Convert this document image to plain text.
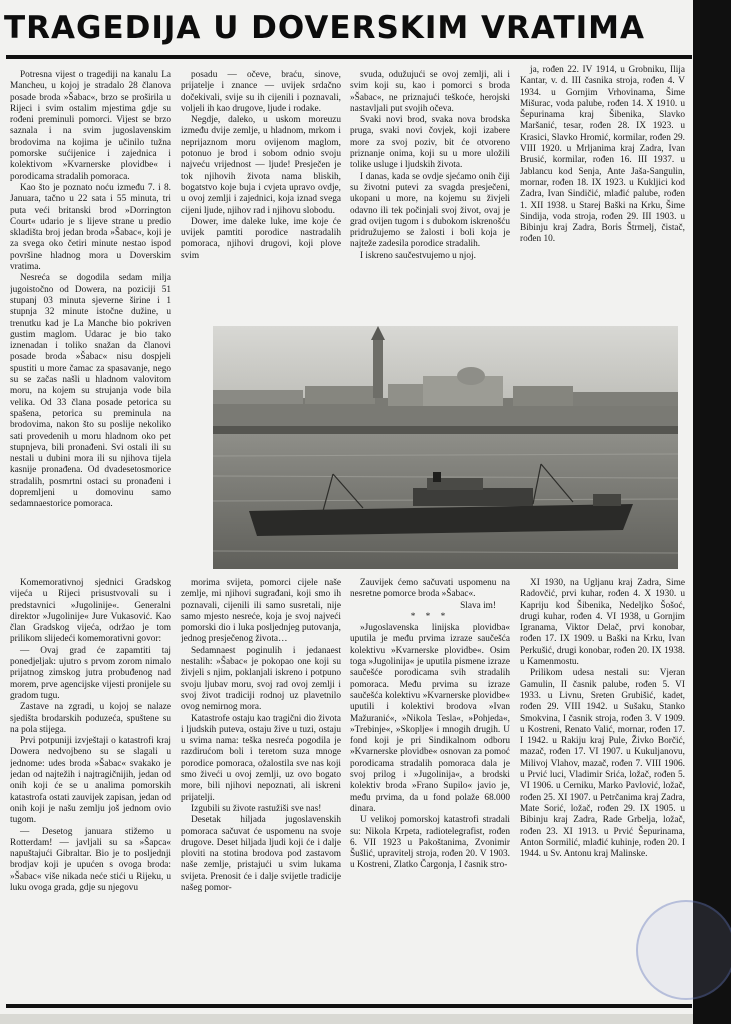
TRAGEDIJA U DOVERSKIM VRATIMA

Potresna vijest o tragediji na kanalu La Mancheu, u kojoj je stradalo 28 članova posade broda »Šabac«, brzo se proširila u Rijeci i svim ostalim mjestima gdje su rođeni preminuli pomorci. Vijest se brzo saznala i na svim jugoslavenskim brodovima na kojima je učinilo tužna pomorske sućijenice i zajednica i kolektivom »Kvarnerske plovidbe« i porodicama stradalih pomoraca.

Kao što je poznato noću između 7. i 8. Januara, tačno u 22 sata i 55 minuta, tri puta veći britanski brod »Dorrington Court« udario je s lijeve strane u predio skladišta broj jedan broda »Šabac«, koji je za svega oko četiri minute nestao ispod površine hladnog mora u Doverskim vratima.

Nesreća se dogodila sedam milja jugoistočno od Dowera, na poziciji 51 stupanj 03 minuta sjeverne širine i 1 stupnja 32 minute istočne dužine, u trenutku kad je La Manche bio pokriven gustim maglom. Udarac je bio tako iznenadan i toliko snažan da članovi posade broda »Šabac« nisu dospjeli spustiti u more čamac za spasavanje, nego su se začas našli u hladnom valovitom moru, na kojem su strujanja vode bila velika. Od 33 člana posade petorica su spašena, petorica su preminula na brodovima, nakon što su poslije nekoliko sati provedenih u moru hladnom oko pet stupnjeva, bili pronađeni. Svi ostali ili su nestali u dubini mora ili su njihova tijela kasnije pronađena. Od dvadesetosmorice stradalih, posmrtni ostaci su pronađeni i dopremljeni u domovinu samo sedamnaestorice pomoraca.

posadu — očeve, braću, sinove, prijatelje i znance — uvijek srdačno dočekivali, svije su ih cijenili i poznavali, voljeli ih kao drugove, ljude i rodake.

Negdje, daleko, u uskom moreuzu između dvije zemlje, u hladnom, mrkom i neprijaznom moru ovijenom maglom, potonuo je brod i sobom odnio svoju najveću vrijednost — ljude! Presječen je tok njihovih života nama bliskih, bogatstvo koje bujа i cvjeta upravo ovdje, u ovoj zemlji i zajednici, koja iznad svega cijeni ljude, njihov rad i njihovu slobodu.

Dower, ime daleke luke, ime koje će uvijek pamtiti porodice nastradalih pomoraca, njihovi drugovi, koji plove svim

svuda, odužujući se ovoj zemlji, ali i svim koji su, kao i pomorci s broda »Šabac«, ne priznajući teškoće, herojski nastavljali put svojih očeva.

Svaki novi brod, svaka nova brodska pruga, svaki novi čovjek, koji izabere more za svoj poziv, bit će otvoreno priznanje onima, koji su u more uložili tolike usluge i ljudskih života.

I danas, kada se ovdje sjećamo onih čiji su životni putevi za svagda presječeni, ukopani u more, na kojemu su živjeli odavno ili tek počinjali svoj život, ovaj je grad ovijen tugom i s dubokom iskrenošću pridružujemo se žalosti i boli koja je najteže zadesila porodice stradalih.

I iskreno saučestvujemo u njoj.

ja, rođen 22. IV 1914, u Grobniku, Ilija Kantar, v. d. III časnika stroja, rođen 4. V 1934. u Gornjim Vrhovinama, Šime Mišurac, voda palube, rođen 14. X 1910. u Šepurinama kraj Šibenika, Slavko Maršanić, tesar, rođen 28. IX 1923. u Krasici, Slavko Hromić, kormilar, rođen 29. VIII 1920. u Mrljanima kraj Zadra, Ivan Brusić, kormilar, rođen 16. III 1937. u Jablancu kod Senja, Ante Jaša-Sangulin, mornar, rođen 18. IX 1923. u Kukljici kod Zadra, Ivan Sindičić, mlađić palube, rođen 1. XII 1938. u Starej Baški na Krku, Šime Sindija, voda stroja, rođen 29. III 1903. u Bibinju kraj Zadra, Boris Štrmelj, čistač, rođen 10.

Komemorativnoj sjednici Gradskog vijeća u Rijeci prisustvovali su i predstavnici »Jugolinije«. Generalni direktor »Jugolinije« Jure Vukasović. Kao član Gradskog vijeća, održao je tom prilikom slijedeći komemorativni govor:

— Ovaj grad će zapamtiti taj ponedjeljak: ujutro s prvom zorom nimalo prijatnog zimskog jutra probuđenog nad morem, prve agencijske vijesti pronijele su gradom tugu.

Zastave na zgradi, u kojoj se nalaze sjedišta brodarskih poduzeća, spuštene su na pola stijega.

Prvi potpuniji izvještaji o katastrofi kraj Dowera nedvojbeno su se slagali u jednome: udes broda »Šabac« svakako je jedan od najtežih i najtragičnijih, jedan od onih koji će se u analima pomorskih katastrofa ostati zauvijek zapisan, jedan od onih koji je našu zemlju još jednom ovio tugom.

— Desetog januara stižemo u Rotterdam! — javljali su sa »Šapca« napuštajući Gibraltar. Bio je to posljednji brodjav koji je upućen s ovoga broda: »Šabac« više nikada neće stići u Rijeku, u luku ovoga grada, gdje su njegovu

morima svijeta, pomorci cijele naše zemlje, mi njihovi sugrađani, koji smo ih poznavali, cijenili ili samo susretali, nije samo mjesto nesreće, koja je svoj najveći pomorski dio i luka posljednjeg putovanja, jednog presječenog života…

Sedamnaest poginulih i jedanaest nestalih: »Šabac« je pokopao one koji su živjeli s njim, poklanjali iskreno i potpuno svoju ljubav moru, svoj rad ovoj zemlji i svoj život tradiciji rodnoj uz plavetnilo ovog nemirnog mora.

Katastrofe ostaju kao tragični dio života i ljudskih puteva, ostaju žive u tuzi, ostaju u svima nama: teška nesreća pogodila je razdirućom boli i teretom suza mnoge porodice pomoraca, ožalostila sve nas koji smo živeći u ovoj zemlji, uz ovo bogato more, bili njihovi nepoznati, ali iskreni prijatelji.

Izgubili su živote rastužiši sve nas!

Desetak hiljada jugoslavenskih pomoraca sačuvat će uspomenu na svoje drugove. Deset hiljada ljudi koji će i dalje ploviti na stotina brodova pod zastavom naše zemlje, pristajući u svim lukama svijeta. Prenosit će i dalje svijetle tradicije našeg pomor-

Zauvijek ćemo sačuvati uspomenu na nesretne pomorce broda »Šabac«.

Slava im!

* * *

»Jugoslavenska linijska plovidba« uputila je među prvima izraze saučešća kolektivu »Kvarnerske plovidbe«. Osim toga »Jugolinija« je uputila pismene izraze saučešće porodicama svih stradalih pomoraca. Među prvima su izraze saučešća kolektivu »Kvarnerske plovidbe« uputili i kolektivi brodova »Ivan Mažuranić«, »Nikola Tesla«, »Pohjeda«, »Trebinje«, »Skoplje« i mnogih drugih. U fond koji je pri Sindikalnom odboru »Kvarnerske plovidbe« osnovan za pomoć porodicama stradalih pomoraca dala je svoj prilog i »Jugolinija«, a brodski kolektiv broda »Frano Supilo« javio je, među prvima, da u fond polaže 68.000 dinara.

U velikoj pomorskoj katastrofi stradali su: Nikola Krpeta, radiotelegrafist, rođen 6. VII 1923 u Pakoštanima, Zvonimir Šušlić, upravitelj stroja, rođen 20. V 1903. u Kostreni, Zlatko Čargonja, I časnik stro-

XI 1930, na Ugljanu kraj Zadra, Šime Radovčić, prvi kuhar, rođen 4. X 1930. u Kapriju kod Šibenika, Nedeljko Šošoć, drugi kuhar, rođen 4. VI 1938, u Gornjim Igranama, Viktor Delač, prvi konobar, rođen 17. IX 1909. u Baški na Krku, Ivan Perkušić, drugi konobar, rođen 20. IX 1938. u Kamenmostu.

Prilikom udesa nestali su: Vjeran Gamulin, II časnik palube, rođen 5. VI 1933. u Livnu, Sreten Grubišić, kadet, rođen 29. VIII 1942. u Sušaku, Stanko Smokvina, I časnik stroja, rođen 3. V 1909. u Kostreni, Renato Valić, mornar, rođen 17. I 1942. u Rakiju kraj Pule, Živko Borčić, mazač, rođen 17. VI 1907. u Kukuljanovu, Milivoj Vlahov, mazač, rođen 7. VIII 1906. u Prvić luci, Vladimir Srića, ložač, rođen 5. VI 1906. u Cerniku, Marko Pavlović, ložač, rođen 25. XI 1907. u Petrčanima kraj Zadra, Mate Sorić, ložač, rođen 29. IX 1905. u Bibinju kraj Zadra, Rade Grbelja, ložač, rođen 23. XI 1913. u Prvić Šepurinama, Anton Sormilić, mlađić kuhinje, rođen 20. I 1944. u Sv. Antonu kraj Malinske.
